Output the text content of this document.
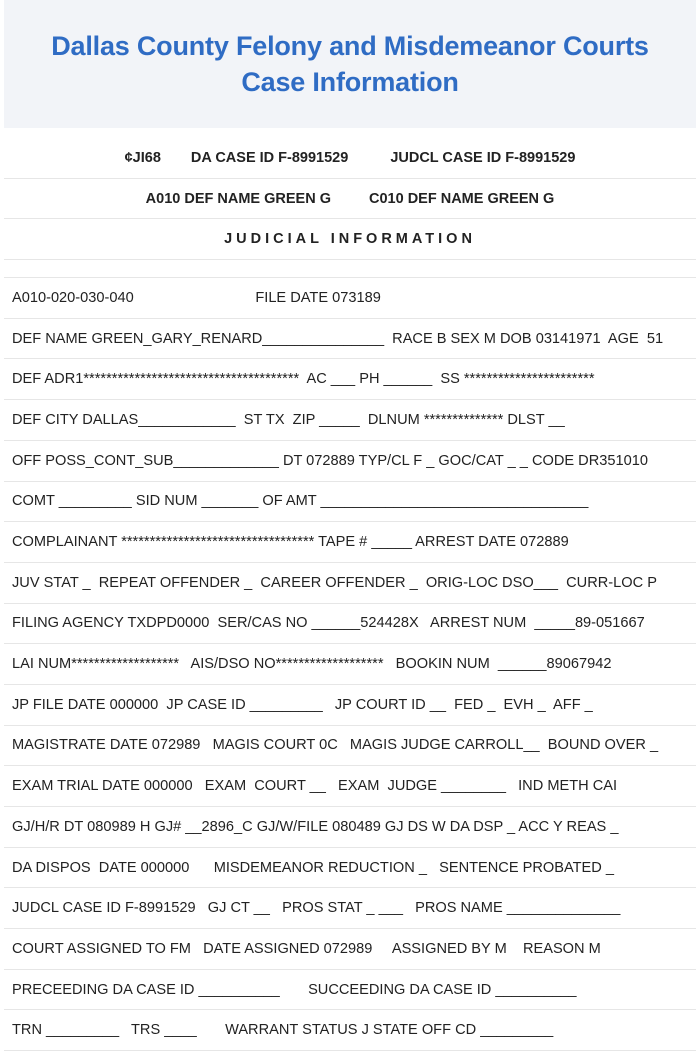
Dallas County Felony and Misdemeanor Courts
Case Information
¢JI68 DA CASE ID F-8991529	JUDCL CASE ID F-8991529
A010 DEF NAME GREEN G	C010 DEF NAME GREEN G
JUDICIAL INFORMATION
A010-020-030-040                              FILE DATE 073189
DEF NAME GREEN_GARY_RENARD_______________  RACE B SEX M DOB 03141971  AGE  51
DEF ADR1**************************************  AC ___ PH ______  SS ***********************
DEF CITY DALLAS____________  ST TX  ZIP _____  DLNUM ************** DLST __
OFF POSS_CONT_SUB_____________ DT 072889 TYP/CL F _ GOC/CAT _ _ CODE DR351010
COMT _________ SID NUM _______ OF AMT _________________________________
COMPLAINANT ********************************** TAPE # _____ ARREST DATE 072889
JUV STAT _  REPEAT OFFENDER _  CAREER OFFENDER _  ORIG-LOC DSO___  CURR-LOC P
FILING AGENCY TXDPD0000  SER/CAS NO ______524428X   ARREST NUM  _____89-051667
LAI NUM*******************   AIS/DSO NO*******************   BOOKIN NUM  ______89067942
JP FILE DATE 000000  JP CASE ID _________   JP COURT ID __  FED _  EVH _  AFF _
MAGISTRATE DATE 072989   MAGIS COURT 0C   MAGIS JUDGE CARROLL__  BOUND OVER _
EXAM TRIAL DATE 000000   EXAM  COURT __   EXAM  JUDGE ________   IND METH CAI
GJ/H/R DT 080989 H GJ# __2896_C GJ/W/FILE 080489 GJ DS W DA DSP _ ACC Y REAS _
DA DISPOS  DATE 000000      MISDEMEANOR REDUCTION _   SENTENCE PROBATED _
JUDCL CASE ID F-8991529   GJ CT __   PROS STAT _ ___   PROS NAME ______________
COURT ASSIGNED TO FM   DATE ASSIGNED 072989     ASSIGNED BY M    REASON M
PRECEEDING DA CASE ID __________       SUCCEEDING DA CASE ID __________
TRN _________   TRS ____       WARRANT STATUS J STATE OFF CD _________
